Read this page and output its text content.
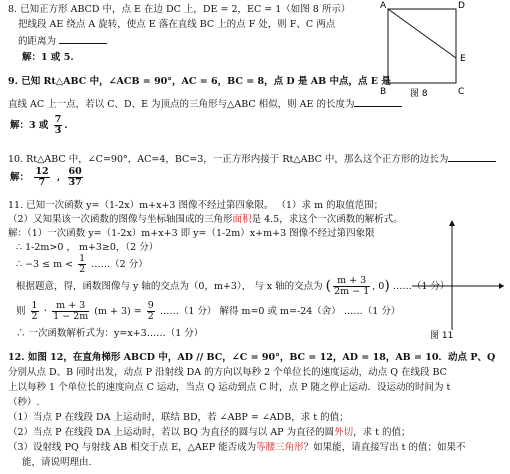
8. 已知正方形 ABCD 中，点 E 在边 DC 上，DE = 2，EC = 1（如图 8 所示）
把线段 AE 绕点 A 旋转，使点 E 落在直线 BC 上的点 F 处，则 F、C 两点
的距离为
解：1 或 5.
A	D
E
B	C
图 8
9. 已知 Rt△ABC 中，∠ACB = 90°，AC = 6，BC = 8，点 D 是 AB 中点，点 E 是
直线 AC 上一点，若以 C、D、E 为顶点的三角形与△ABC 相似，则 AE 的长度为
解：3 或 $\frac{7}{3}$ .
10. Rt△ABC 中，∠C=90°，AC=4，BC=3，一正方形内接于 Rt△ABC 中，那么这个正方形的边长为
解： $\frac{12}{7}$ , $\frac{60}{37}$
11. 已知一次函数 y=（1-2x）m+x+3 图像不经过第四象限。 （1）求 m 的取值范围；
（2）又知果该一次函数的图像与坐标轴围成的三角形面积是 4.5，求这个一次函数的解析式。
解：（1）一次函数 y=（1-2x）m+x+3 即 y=（1-2m）x+m+3 图像不经过第四象限
∴ 1-2m>0 ， m+3≥0，（2 分）
∴ $-3 \le m < \frac{1}{2}$ ……（2 分）
根据题意，得，函数图像与 y 轴的交点为（0，m+3）， 与 x 轴的交点为 ( $\frac{m + 3}{2m - 1}$ , 0) ……（1 分）
则 $\frac{1}{2} \cdot \frac{m + 3}{1 - 2m} (m + 3) = \frac{9}{2}$ ……（1 分） 解得 m=0 或 m=-24（舍） ……（1 分）
∴ 一次函数解析式为：y=x+3……（1 分）	图 11
12. 如图 12，在直角梯形 ABCD 中，AD // BC，∠C = 90°，BC = 12，AD = 18，AB = 10．动点 P、Q
分别从点 D、B 同时出发，动点 P 沿射线 DA 的方向以每秒 2 个单位长的速度运动，动点 Q 在线段 BC
上以每秒 1 个单位长的速度向点 C 运动，当点 Q 运动到点 C 时，点 P 随之停止运动．设运动的时间为 t
（秒）.
（1）当点 P 在线段 DA 上运动时，联结 BD，若 ∠ABP = ∠ADB，求 t 的值；
（2）当点 P 在线段 DA 上运动时，若以 BQ 为直径的圆与以 AP 为直径的圆外切，求 t 的值；
（3）设射线 PQ 与射线 AB 相交于点 E，△AEP 能否成为等腰三角形？如果能，请直接写出 t 的值；如果不
能，请说明理由.
